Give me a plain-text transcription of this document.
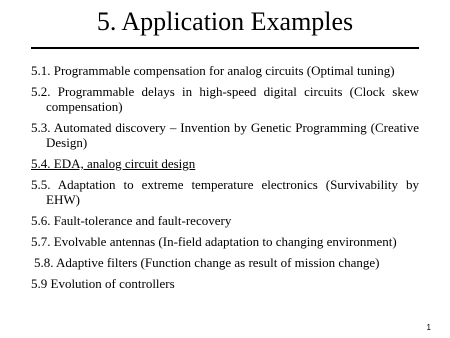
5. Application Examples
5.1. Programmable compensation for analog circuits (Optimal tuning)
5.2. Programmable delays in high-speed digital circuits (Clock skew compensation)
5.3. Automated discovery – Invention by Genetic Programming (Creative Design)
5.4. EDA, analog circuit design
5.5. Adaptation to extreme temperature electronics (Survivability by EHW)
5.6. Fault-tolerance and fault-recovery
5.7. Evolvable antennas (In-field adaptation to changing environment)
5.8. Adaptive filters (Function change as result of mission change)
5.9 Evolution of controllers
1
